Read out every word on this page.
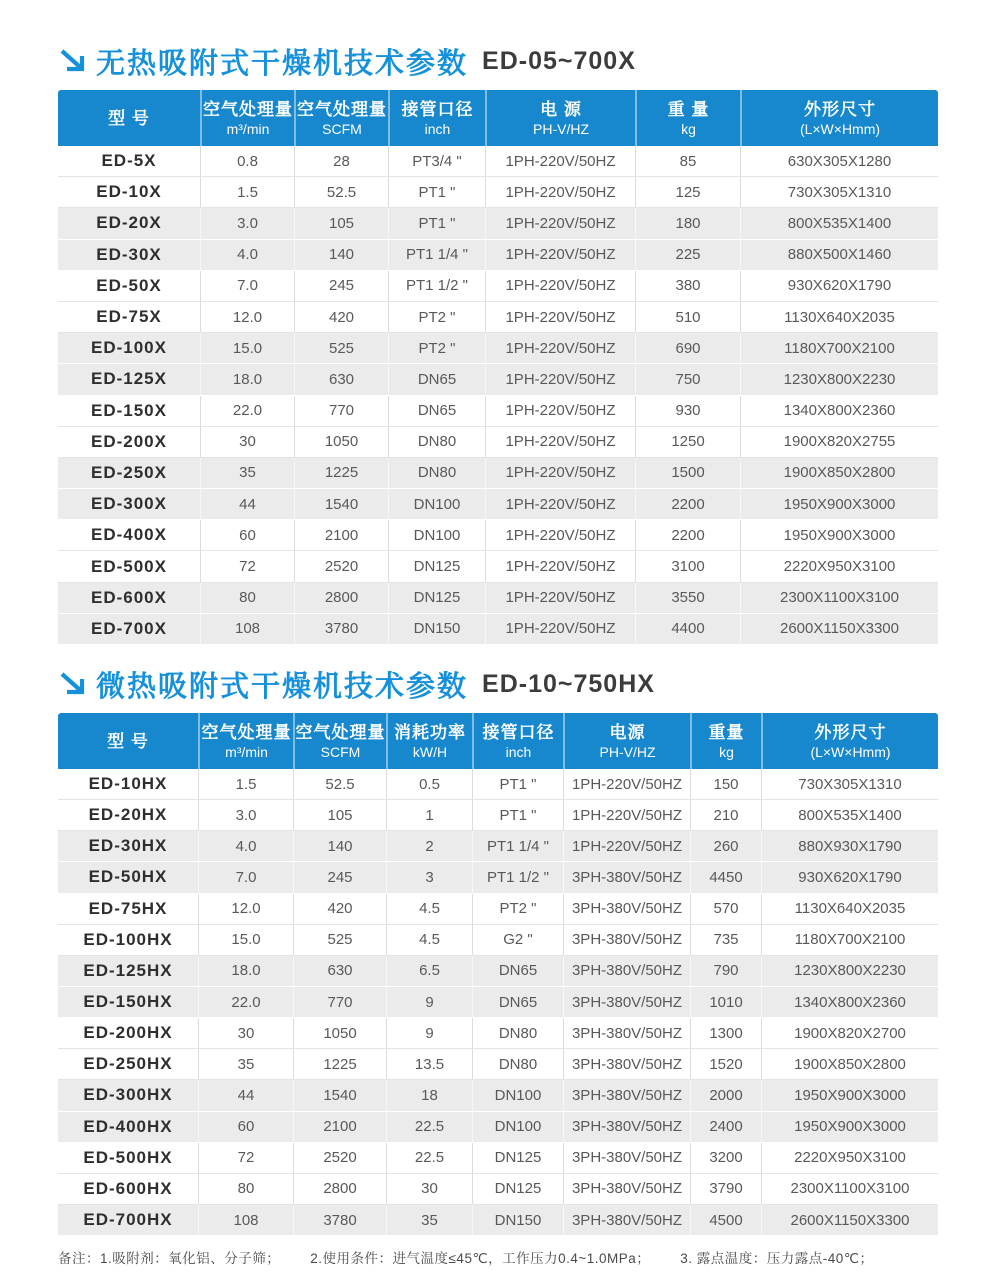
无热吸附式干燥机技术参数 ED-05~700X
型 号	空气处理量
m³/min
空气处理量
SCFM
接管口径
inch
电 源
PH-V/HZ
重 量
kg
外形尺寸
(L×W×Hmm)
ED-5X	0.8	28	PT3/4 "	1PH-220V/50HZ	85	630X305X1280
ED-10X	1.5	52.5	PT1 "	1PH-220V/50HZ	125	730X305X1310
ED-20X	3.0	105	PT1 "	1PH-220V/50HZ	180	800X535X1400
ED-30X	4.0	140	PT1 1/4 "	1PH-220V/50HZ	225	880X500X1460
ED-50X	7.0	245	PT1 1/2 "	1PH-220V/50HZ	380	930X620X1790
ED-75X	12.0	420	PT2 "	1PH-220V/50HZ	510	1130X640X2035
ED-100X	15.0	525	PT2 "	1PH-220V/50HZ	690	1180X700X2100
ED-125X	18.0	630	DN65	1PH-220V/50HZ	750	1230X800X2230
ED-150X	22.0	770	DN65	1PH-220V/50HZ	930	1340X800X2360
ED-200X	30	1050	DN80	1PH-220V/50HZ	1250	1900X820X2755
ED-250X	35	1225	DN80	1PH-220V/50HZ	1500	1900X850X2800
ED-300X	44	1540	DN100	1PH-220V/50HZ	2200	1950X900X3000
ED-400X	60	2100	DN100	1PH-220V/50HZ	2200	1950X900X3000
ED-500X	72	2520	DN125	1PH-220V/50HZ	3100	2220X950X3100
ED-600X	80	2800	DN125	1PH-220V/50HZ	3550	2300X1100X3100
ED-700X	108	3780	DN150	1PH-220V/50HZ	4400	2600X1150X3300
微热吸附式干燥机技术参数 ED-10~750HX
型 号	空气处理量
m³/min
空气处理量
SCFM
消耗功率
kW/H
接管口径
inch
电源
PH-V/HZ
重量
kg
外形尺寸
(L×W×Hmm)
ED-10HX	1.5	52.5	0.5	PT1 "	1PH-220V/50HZ	150	730X305X1310
ED-20HX	3.0	105	1	PT1 "	1PH-220V/50HZ	210	800X535X1400
ED-30HX	4.0	140	2	PT1 1/4 "	1PH-220V/50HZ	260	880X930X1790
ED-50HX	7.0	245	3	PT1 1/2 "	3PH-380V/50HZ	4450	930X620X1790
ED-75HX	12.0	420	4.5	PT2 "	3PH-380V/50HZ	570	1130X640X2035
ED-100HX	15.0	525	4.5	G2 "	3PH-380V/50HZ	735	1180X700X2100
ED-125HX	18.0	630	6.5	DN65	3PH-380V/50HZ	790	1230X800X2230
ED-150HX	22.0	770	9	DN65	3PH-380V/50HZ	1010	1340X800X2360
ED-200HX	30	1050	9	DN80	3PH-380V/50HZ	1300	1900X820X2700
ED-250HX	35	1225	13.5	DN80	3PH-380V/50HZ	1520	1900X850X2800
ED-300HX	44	1540	18	DN100	3PH-380V/50HZ	2000	1950X900X3000
ED-400HX	60	2100	22.5	DN100	3PH-380V/50HZ	2400	1950X900X3000
ED-500HX	72	2520	22.5	DN125	3PH-380V/50HZ	3200	2220X950X3100
ED-600HX	80	2800	30	DN125	3PH-380V/50HZ	3790	2300X1100X3100
ED-700HX	108	3780	35	DN150	3PH-380V/50HZ	4500	2600X1150X3300
备注：1.吸附剂：氧化铝、分子筛； 2.使用条件：进气温度≤45℃，工作压力0.4~1.0MPa； 3. 露点温度：压力露点-40℃；
